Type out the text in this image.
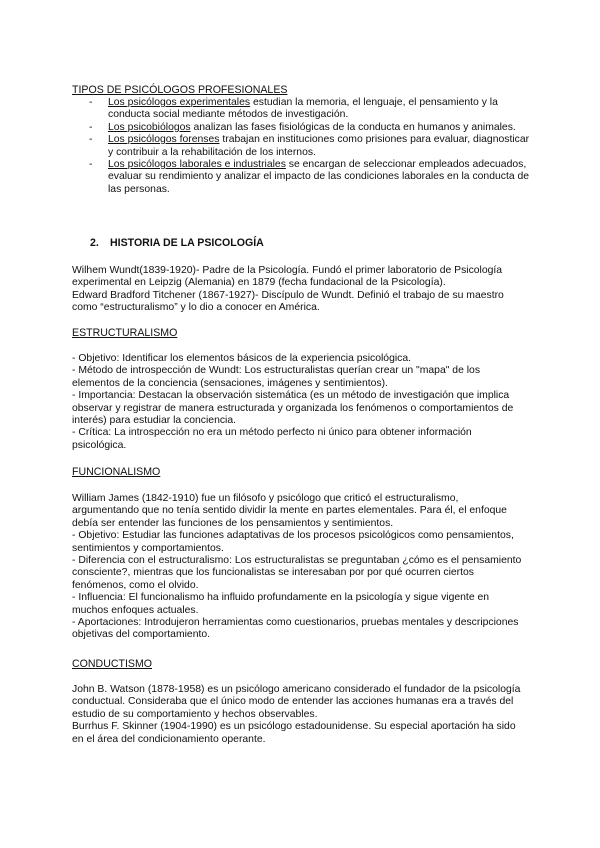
TIPOS DE PSICÓLOGOS PROFESIONALES
- Los psicólogos experimentales estudian la memoria, el lenguaje, el pensamiento y la conducta social mediante métodos de investigación.
- Los psicobiólogos analizan las fases fisiológicas de la conducta en humanos y animales.
- Los psicólogos forenses trabajan en instituciones como prisiones para evaluar, diagnosticar y contribuir a la rehabilitación de los internos.
- Los psicólogos laborales e industriales se encargan de seleccionar empleados adecuados, evaluar su rendimiento y analizar el impacto de las condiciones laborales en la conducta de las personas.
2. HISTORIA DE LA PSICOLOGÍA

Wilhem Wundt(1839-1920)- Padre de la Psicología. Fundó el primer laboratorio de Psicología experimental en Leipzig (Alemania) en 1879 (fecha fundacional de la Psicología).

Edward Bradford Titchener (1867-1927)- Discípulo de Wundt. Definió el trabajo de su maestro como “estructuralismo” y lo dio a conocer en América.

ESTRUCTURALISMO

- Objetivo: Identificar los elementos básicos de la experiencia psicológica.

- Método de introspección de Wundt: Los estructuralistas querían crear un "mapa" de los elementos de la conciencia (sensaciones, imágenes y sentimientos).

- Importancia: Destacan la observación sistemática (es un método de investigación que implica observar y registrar de manera estructurada y organizada los fenómenos o comportamientos de interés) para estudiar la conciencia.

- Crítica: La introspección no era un método perfecto ni único para obtener información psicológica.

FUNCIONALISMO

William James (1842-1910) fue un filósofo y psicólogo que criticó el estructuralismo, argumentando que no tenía sentido dividir la mente en partes elementales. Para él, el enfoque debía ser entender las funciones de los pensamientos y sentimientos.

- Objetivo: Estudiar las funciones adaptativas de los procesos psicológicos como pensamientos, sentimientos y comportamientos.

- Diferencia con el estructuralismo: Los estructuralistas se preguntaban ¿cómo es el pensamiento consciente?, mientras que los funcionalistas se interesaban por por qué ocurren ciertos fenómenos, como el olvido.

- Influencia: El funcionalismo ha influido profundamente en la psicología y sigue vigente en muchos enfoques actuales.

- Aportaciones: Introdujeron herramientas como cuestionarios, pruebas mentales y descripciones objetivas del comportamiento.

CONDUCTISMO

John B. Watson (1878-1958) es un psicólogo americano considerado el fundador de la psicología conductual. Consideraba que el único modo de entender las acciones humanas era a través del estudio de su comportamiento y hechos observables.

Burrhus F. Skinner (1904-1990) es un psicólogo estadounidense. Su especial aportación ha sido en el área del condicionamiento operante.
